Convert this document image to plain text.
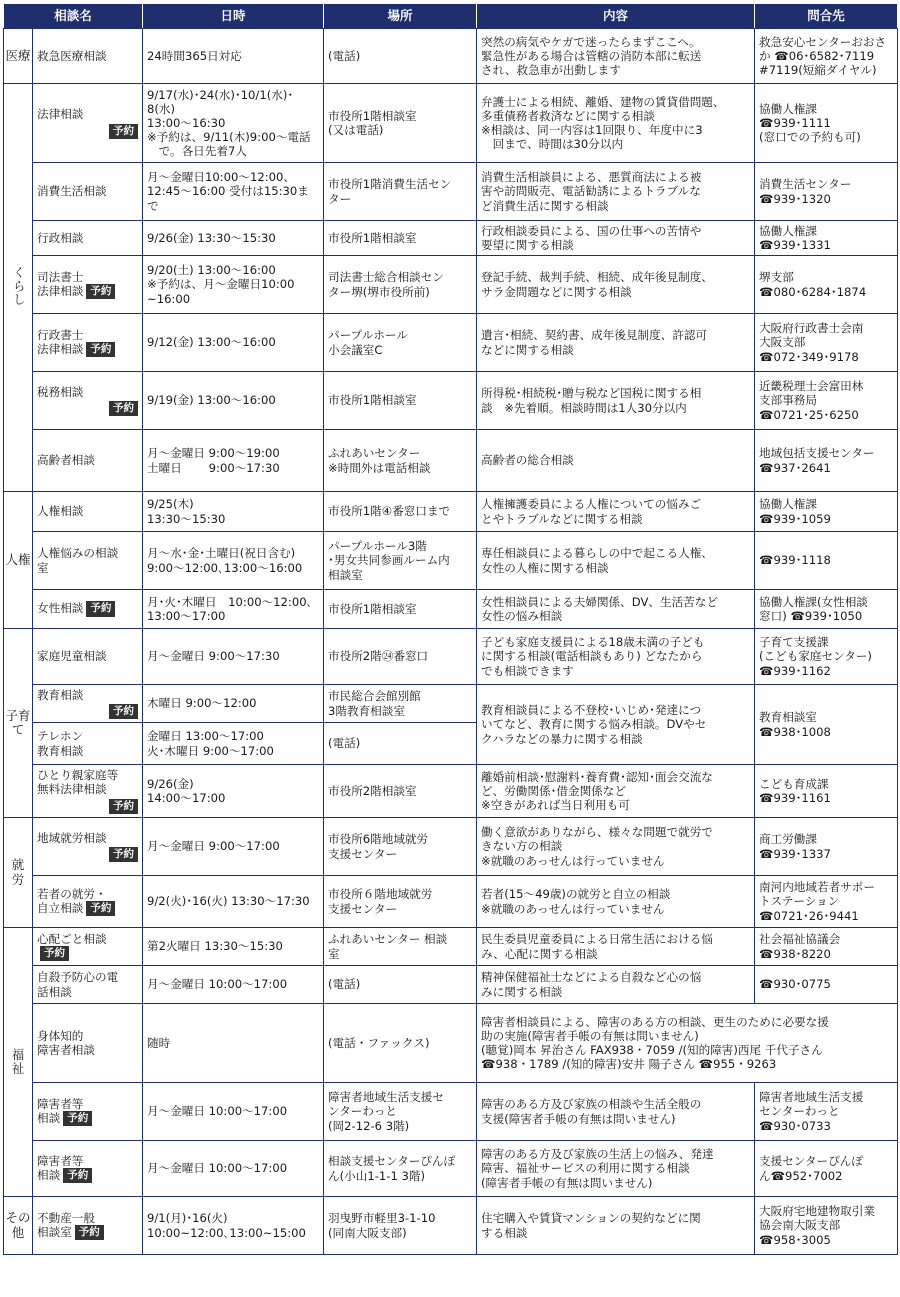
相談名		日時	場所	内容	問合先
医療	救急医療相談	24時間365日対応	(電話)	突然の病気やケガで迷ったらまずここへ。
緊急性がある場合は管轄の消防本部に転送
され、救急車が出動します	救急安心センターおおさ
か ☎06･6582･7119
#7119(短縮ダイヤル)

くらし	法律相談
予約	9/17(水)･24(水)･10/1(水)･8(水)
13:00～16:30
※予約は、9/11(木)9:00～電話
　で。各日先着7人	市役所1階相談室
(又は電話)	弁護士による相続、離婚、建物の賃貸借問題、
多重債務者救済などに関する相談
※相談は、同一内容は1回限り、年度中に3
　回まで、時間は30分以内	協働人権課
☎939･1111
(窓口での予約も可)

	消費生活相談	月～金曜日10:00～12:00、
12:45～16:00 受付は15:30まで	市役所1階消費生活セン
ター	消費生活相談員による、悪質商法による被
害や訪問販売、電話勧誘によるトラブルな
ど消費生活に関する相談	消費生活センター
☎939･1320

	行政相談	9/26(金) 13:30～15:30	市役所1階相談室	行政相談委員による、国の仕事への苦情や
要望に関する相談	協働人権課
☎939･1331

	司法書士
法律相談 予約	9/20(土) 13:00～16:00
※予約は、月～金曜日10:00
~16:00	司法書士総合相談セン
ター堺(堺市役所前)	登記手続、裁判手続、相続、成年後見制度、
サラ金問題などに関する相談	堺支部
☎080･6284･1874

	行政書士
法律相談 予約	9/12(金) 13:00～16:00	パープルホール
小会議室C	遺言･相続、契約書、成年後見制度、許認可
などに関する相談	大阪府行政書士会南
大阪支部
☎072･349･9178

	税務相談
予約	9/19(金) 13:00～16:00	市役所1階相談室	所得税･相続税･贈与税など国税に関する相
談　※先着順。相談時間は1人30分以内	近畿税理士会富田林
支部事務局
☎0721･25･6250

	高齢者相談	月～金曜日 9:00～19:00
土曜日　　 9:00～17:30	ふれあいセンター
※時間外は電話相談	高齢者の総合相談	地域包括支援センター
☎937･2641

人権	人権相談	9/25(木)
13:30～15:30	市役所1階④番窓口まで	人権擁護委員による人権についての悩みご
とやトラブルなどに関する相談	協働人権課
☎939･1059

	人権悩みの相談
室	月～水･金･土曜日(祝日含む)
9:00～12:00､13:00～16:00	パープルホール3階
･男女共同参画ルーム内
相談室	専任相談員による暮らしの中で起こる人権、
女性の人権に関する相談	☎939･1118

	女性相談 予約	月･火･木曜日　10:00～12:00､
13:00～17:00	市役所1階相談室	女性相談員による夫婦関係、DV、生活苦など
女性の悩み相談	協働人権課(女性相談
窓口) ☎939･1050

子育て	家庭児童相談	月～金曜日 9:00～17:30	市役所2階㉔番窓口	子ども家庭支援員による18歳未満の子ども
に関する相談(電話相談もあり) どなたから
でも相談できます	子育て支援課
(こども家庭センター)
☎939･1162

	教育相談
予約	木曜日 9:00～12:00	市民総合会館別館
3階教育相談室	教育相談員による不登校･いじめ･発達につ
いてなど、教育に関する悩み相談。DVやセ
クハラなどの暴力に関する相談	教育相談室
☎938･1008

	テレホン
教育相談	金曜日 13:00～17:00
火･木曜日 9:00～17:00	(電話)		

	ひとり親家庭等
無料法律相談
予約	9/26(金)
14:00～17:00	市役所2階相談室	離婚前相談･慰謝料･養育費･認知･面会交流な
ど、労働関係･借金関係など
※空きがあれば当日利用も可	こども育成課
☎939･1161

就
労	地域就労相談
予約	月～金曜日 9:00～17:00	市役所6階地域就労
支援センター	働く意欲がありながら、様々な問題で就労で
きない方の相談
※就職のあっせんは行っていません	商工労働課
☎939･1337

	若者の就労・
自立相談 予約	9/2(火)･16(火) 13:30～17:30	市役所６階地域就労
支援センター	若者(15～49歳)の就労と自立の相談
※就職のあっせんは行っていません	南河内地域若者サポー
トステーション
☎0721･26･9441

福
祉	心配ごと相談予約	第2火曜日 13:30～15:30	ふれあいセンター 相談
室	民生委員児童委員による日常生活における悩
み、心配に関する相談	社会福祉協議会
☎938･8220

	自殺予防心の電
話相談	月～金曜日 10:00～17:00	(電話)	精神保健福祉士などによる自殺など心の悩
みに関する相談	☎930･0775

	身体知的
障害者相談	随時	(電話・ファックス)	障害者相談員による、障害のある方の相談、更生のために必要な援
助の実施(障害者手帳の有無は問いません)
(聴覚)岡本 昇治さん FAX938・7059 /(知的障害)西尾 千代子さん
☎938・1789 /(知的障害)安井 陽子さん ☎955・9263	

	障害者等
相談 予約	月～金曜日 10:00～17:00	障害者地域生活支援セ
ンターわっと
(岡2-12-6 3階)	障害のある方及び家族の相談や生活全般の
支援(障害者手帳の有無は問いません)	障害者地域生活支援
センターわっと
☎930･0733

	障害者等
相談 予約	月～金曜日 10:00～17:00	相談支援センターぴんぽ
ん(小山1-1-1 3階)	障害のある方及び家族の生活上の悩み、発達
障害、福祉サービスの利用に関する相談
(障害者手帳の有無は問いません)	支援センターぴんぽ
ん☎952･7002

その
他	不動産一般
相談室 予約	9/1(月)･16(火)
10:00~12:00､13:00~15:00	羽曳野市軽里3-1-10
(同南大阪支部)	住宅購入や賃貸マンションの契約などに関
する相談	大阪府宅地建物取引業
協会南大阪支部
☎958･3005
